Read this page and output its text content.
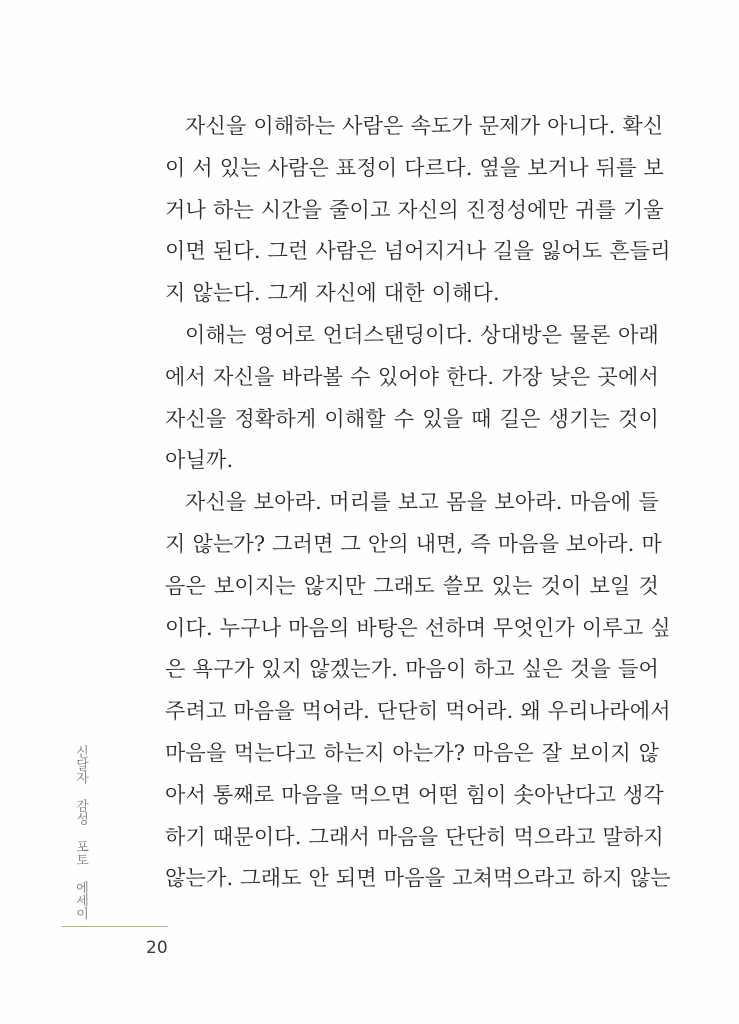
자신을 이해하는 사람은 속도가 문제가 아니다. 확신
이 서 있는 사람은 표정이 다르다. 옆을 보거나 뒤를 보
거나 하는 시간을 줄이고 자신의 진정성에만 귀를 기울
이면 된다. 그런 사람은 넘어지거나 길을 잃어도 흔들리
지 않는다. 그게 자신에 대한 이해다.
이해는 영어로 언더스탠딩이다. 상대방은 물론 아래
에서 자신을 바라볼 수 있어야 한다. 가장 낮은 곳에서
자신을 정확하게 이해할 수 있을 때 길은 생기는 것이
아닐까.
자신을 보아라. 머리를 보고 몸을 보아라. 마음에 들
지 않는가? 그러면 그 안의 내면, 즉 마음을 보아라. 마
음은 보이지는 않지만 그래도 쓸모 있는 것이 보일 것
이다. 누구나 마음의 바탕은 선하며 무엇인가 이루고 싶
은 욕구가 있지 않겠는가. 마음이 하고 싶은 것을 들어
주려고 마음을 먹어라. 단단히 먹어라. 왜 우리나라에서
마음을 먹는다고 하는지 아는가? 마음은 잘 보이지 않
아서 통째로 마음을 먹으면 어떤 힘이 솟아난다고 생각
하기 때문이다. 그래서 마음을 단단히 먹으라고 말하지
않는가. 그래도 안 되면 마음을 고쳐먹으라고 하지 않는
신달자 감성 포토 에세이
20
